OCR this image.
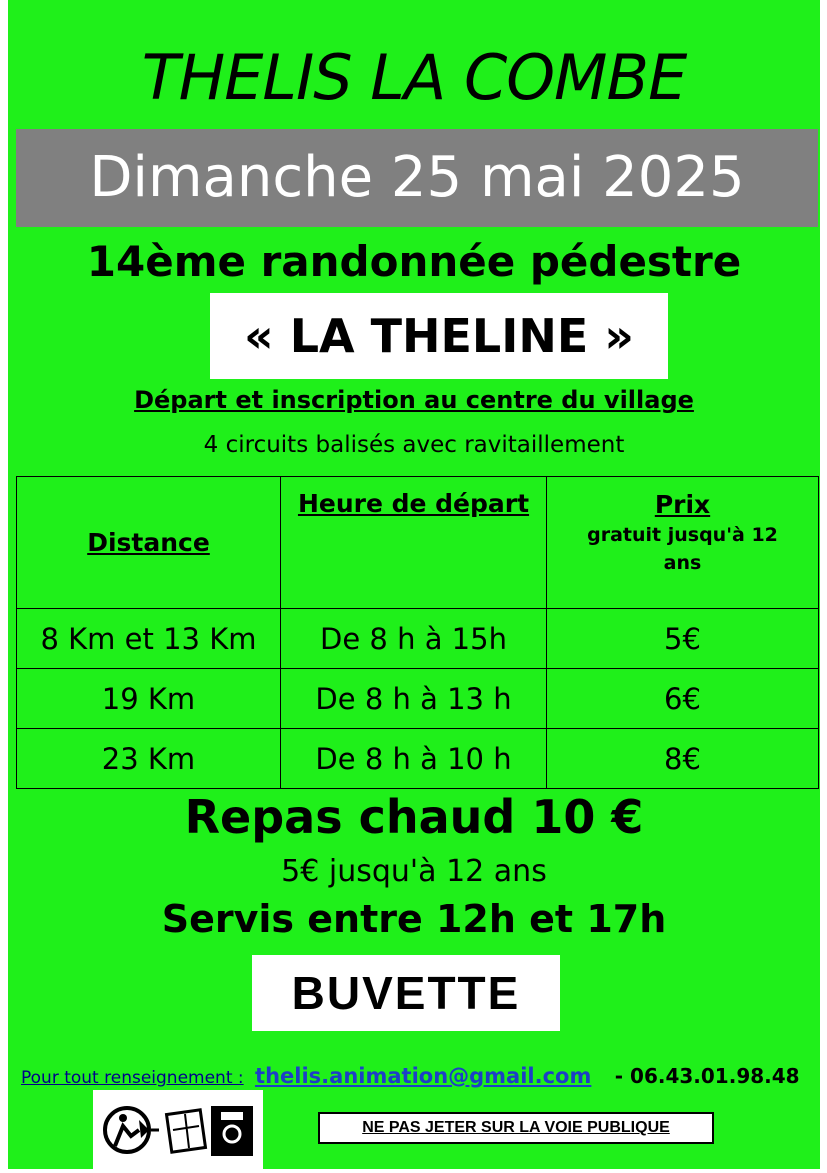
THELIS LA COMBE
Dimanche 25 mai 2025
14ème randonnée pédestre
« LA THELINE »
Départ et inscription au centre du village
4 circuits balisés avec ravitaillement
Distance	Heure de départ	Prix
gratuit jusqu'à 12 ans

8 Km et 13 Km	De 8 h à 15h	5€
19 Km	De 8 h à 13 h	6€
23 Km	De 8 h à 10 h	8€
Repas chaud 10 €
5€ jusqu'à 12 ans
Servis entre 12h et 17h
BUVETTE
Pour tout renseignement : thelis.animation@gmail.com - 06.43.01.98.48
NE PAS JETER SUR LA VOIE PUBLIQUE
